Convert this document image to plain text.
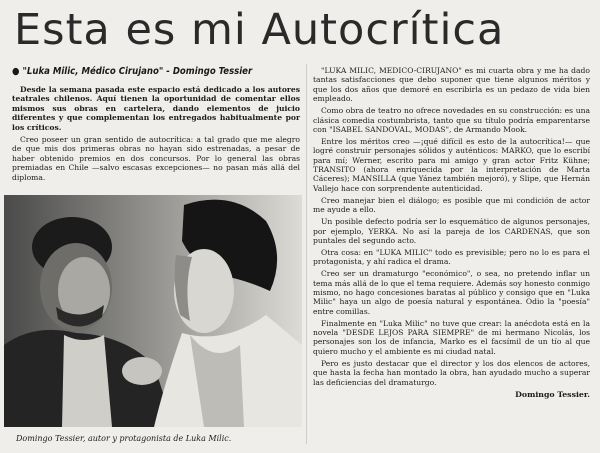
Esta es mi Autocrítica
● "Luka Milic, Médico Cirujano" - Domingo Tessier

Desde la semana pasada este espacio está dedicado a los autores teatrales chilenos. Aquí tienen la oportunidad de comentar ellos mismos sus obras en cartelera, dando elementos de juicio diferentes y que complementan los entregados habitualmente por los críticos.

Creo poseer un gran sentido de autocrítica: a tal grado que me alegro de que mis dos primeras obras no hayan sido estrenadas, a pesar de haber obtenido premios en dos concursos. Por lo general las obras premiadas en Chile —salvo escasas excepciones— no pasan más allá del diploma.

Domingo Tessier, autor y protagonista de Luka Milic.

"LUKA MILIC, MEDICO-CIRUJANO" es mi cuarta obra y me ha dado tantas satisfacciones que debo suponer que tiene algunos méritos y que los dos años que demoré en escribirla es un pedazo de vida bien empleado.

Como obra de teatro no ofrece novedades en su construcción: es una clásica comedia costumbrista, tanto que su título podría emparentarse con "ISABEL SANDOVAL, MODAS", de Armando Mook.

Entre los méritos creo —¡qué difícil es esto de la autocrítica!— que logré construir personajes sólidos y auténticos: MARKO, que lo escribí para mí; Werner, escrito para mi amigo y gran actor Fritz Kühne; TRANSITO (ahora enriquecida por la interpretación de Marta Cáceres); MANSILLA (que Yánez también mejoró), y Slipe, que Hernán Vallejo hace con sorprendente autenticidad.

Creo manejar bien el diálogo; es posible que mi condición de actor me ayude a ello.

Un posible defecto podría ser lo esquemático de algunos personajes, por ejemplo, YERKA. No así la pareja de los CARDENAS, que son puntales del segundo acto.

Otra cosa: en "LUKA MILIC" todo es previsible; pero no lo es para el protagonista, y ahí radica el drama.

Creo ser un dramaturgo "económico", o sea, no pretendo inflar un tema más allá de lo que el tema requiere. Además soy honesto conmigo mismo, no hago concesiones baratas al público y consigo que en "Luka Milic" haya un algo de poesía natural y espontánea. Odio la "poesía" entre comillas.

Finalmente en "Luka Milic" no tuve que crear: la anécdota está en la novela "DESDE LEJOS PARA SIEMPRE" de mi hermano Nicolás, los personajes son los de infancia, Marko es el facsímil de un tío al que quiero mucho y el ambiente es mi ciudad natal.

Pero es justo destacar que el director y los dos elencos de actores, que hasta la fecha han montado la obra, han ayudado mucho a superar las deficiencias del dramaturgo.

Domingo Tessier.
